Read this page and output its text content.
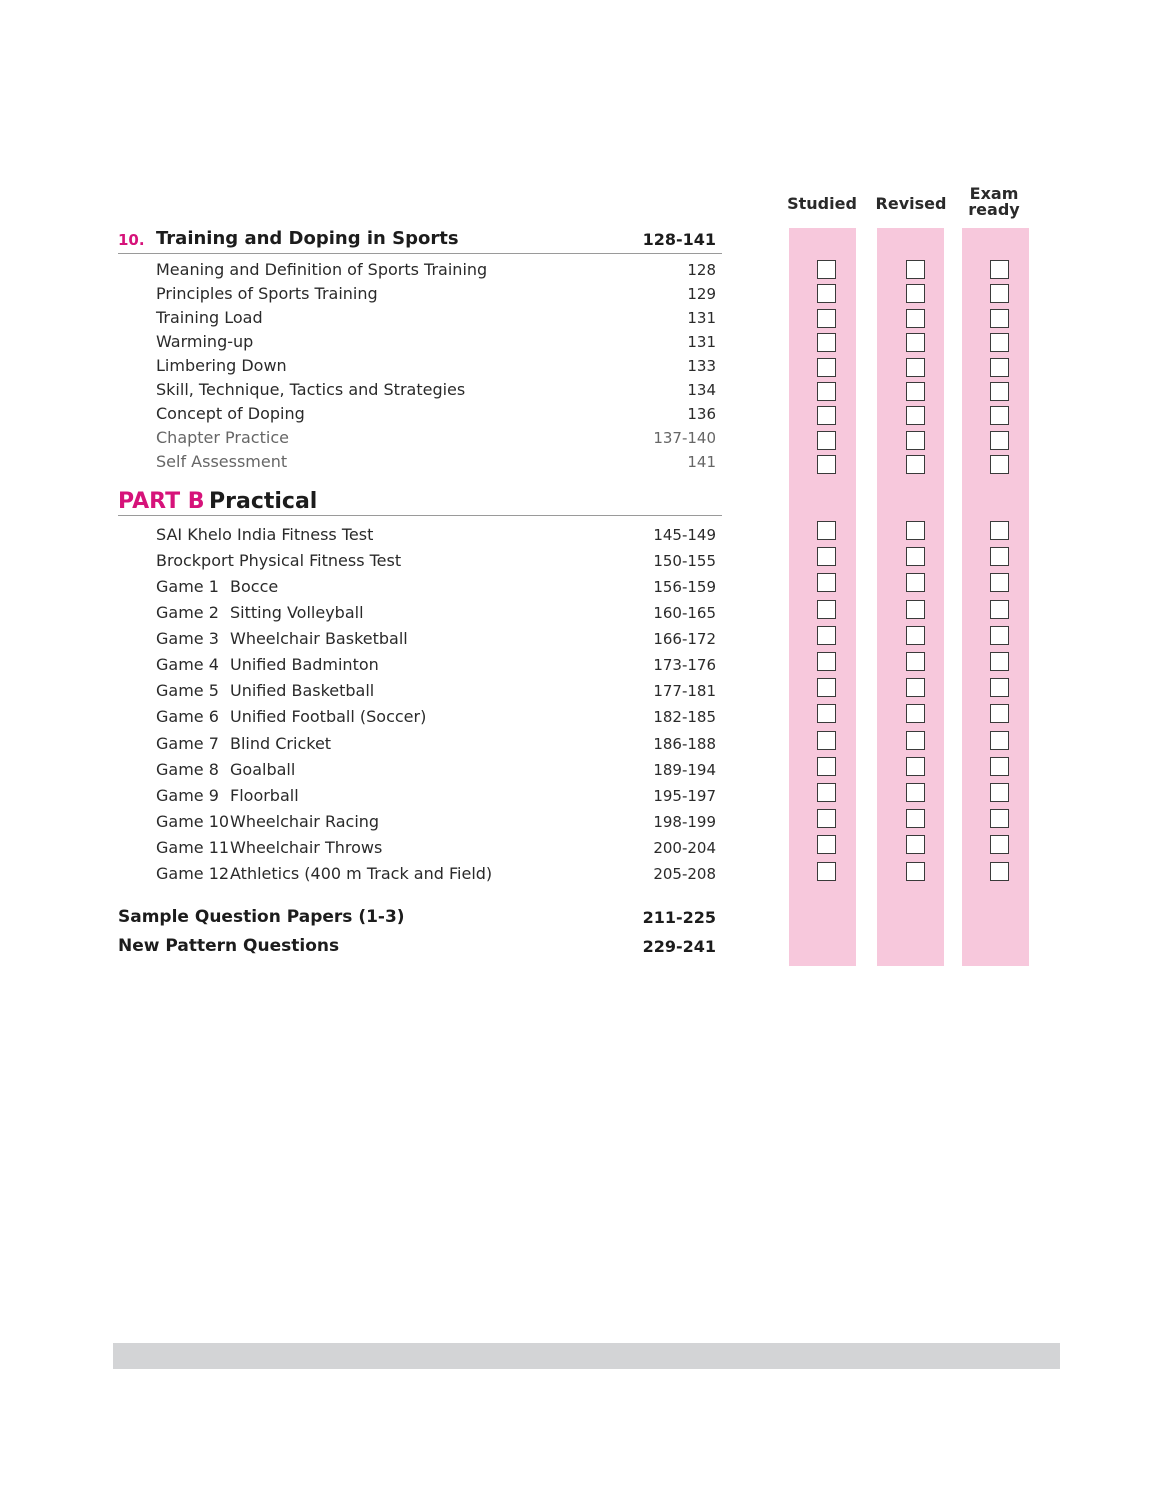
Studied Revised
Exam
ready
10. Training and Doping in Sports	128-141
Meaning and Definition of Sports Training	128
Principles of Sports Training	129
Training Load	131
Warming-up	131
Limbering Down	133
Skill, Technique, Tactics and Strategies	134
Concept of Doping	136
Chapter Practice	137-140
Self Assessment	141
PART B Practical
SAI Khelo India Fitness Test	145-149
Brockport Physical Fitness Test	150-155
Game 1 Bocce	156-159
Game 2 Sitting Volleyball	160-165
Game 3 Wheelchair Basketball	166-172
Game 4 Unified Badminton	173-176
Game 5 Unified Basketball	177-181
Game 6 Unified Football (Soccer)	182-185
Game 7 Blind Cricket	186-188
Game 8 Goalball	189-194
Game 9 Floorball	195-197
Game 10 Wheelchair Racing	198-199
Game 11 Wheelchair Throws	200-204
Game 12 Athletics (400 m Track and Field)	205-208
Sample Question Papers (1-3)	211-225
New Pattern Questions	229-241
